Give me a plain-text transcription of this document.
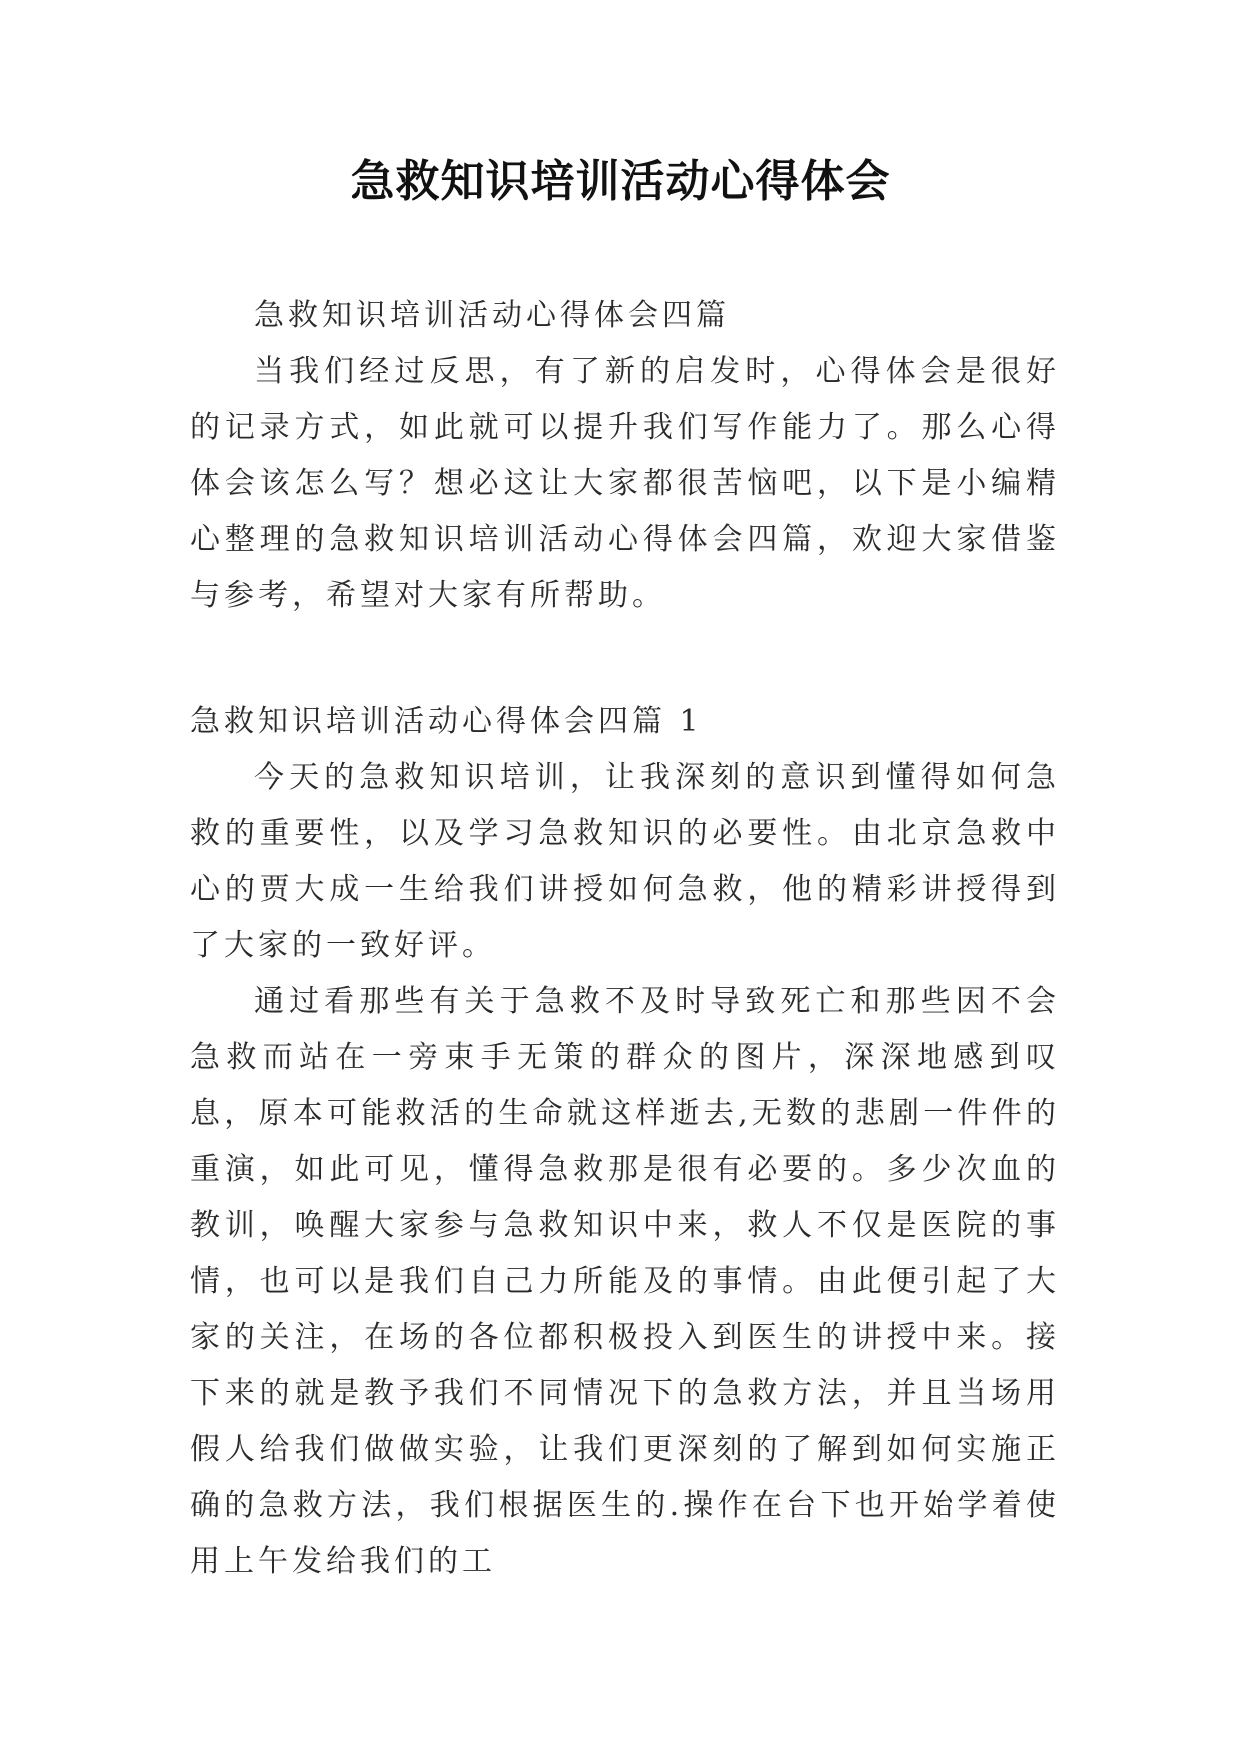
急救知识培训活动心得体会

急救知识培训活动心得体会四篇

当我们经过反思，有了新的启发时，心得体会是很好的记录方式，如此就可以提升我们写作能力了。那么心得体会该怎么写？想必这让大家都很苦恼吧，以下是小编精心整理的急救知识培训活动心得体会四篇，欢迎大家借鉴与参考，希望对大家有所帮助。

急救知识培训活动心得体会四篇 1

今天的急救知识培训，让我深刻的意识到懂得如何急救的重要性，以及学习急救知识的必要性。由北京急救中心的贾大成一生给我们讲授如何急救，他的精彩讲授得到了大家的一致好评。

通过看那些有关于急救不及时导致死亡和那些因不会急救而站在一旁束手无策的群众的图片，深深地感到叹息，原本可能救活的生命就这样逝去,无数的悲剧一件件的重演，如此可见，懂得急救那是很有必要的。多少次血的教训，唤醒大家参与急救知识中来，救人不仅是医院的事情，也可以是我们自己力所能及的事情。由此便引起了大家的关注，在场的各位都积极投入到医生的讲授中来。接下来的就是教予我们不同情况下的急救方法，并且当场用假人给我们做做实验，让我们更深刻的了解到如何实施正确的急救方法，我们根据医生的.操作在台下也开始学着使用上午发给我们的工
